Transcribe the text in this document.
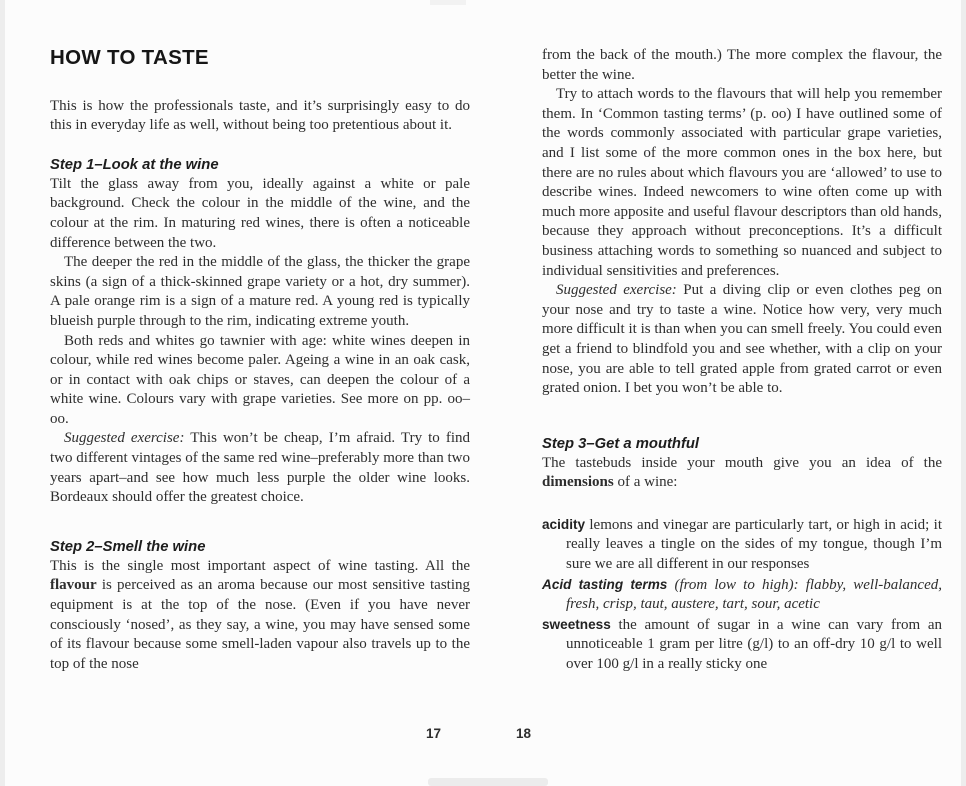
HOW TO TASTE

This is how the professionals taste, and it’s surprisingly easy to do this in everyday life as well, without being too pretentious about it.

Step 1–Look at the wine

Tilt the glass away from you, ideally against a white or pale background. Check the colour in the middle of the wine, and the colour at the rim. In maturing red wines, there is often a noticeable difference between the two.

The deeper the red in the middle of the glass, the thicker the grape skins (a sign of a thick-skinned grape variety or a hot, dry summer). A pale orange rim is a sign of a mature red. A young red is typically blueish purple through to the rim, indicating extreme youth.

Both reds and whites go tawnier with age: white wines deepen in colour, while red wines become paler. Ageing a wine in an oak cask, or in contact with oak chips or staves, can deepen the colour of a white wine. Colours vary with grape varieties. See more on pp. oo–oo.

Suggested exercise: This won’t be cheap, I’m afraid. Try to find two different vintages of the same red wine–preferably more than two years apart–and see how much less purple the older wine looks. Bordeaux should offer the greatest choice.

Step 2–Smell the wine

This is the single most important aspect of wine tasting. All the flavour is perceived as an aroma because our most sensitive tasting equipment is at the top of the nose. (Even if you have never consciously ‘nosed’, as they say, a wine, you may have sensed some of its flavour because some smell-laden vapour also travels up to the top of the nose

from the back of the mouth.) The more complex the flavour, the better the wine.

Try to attach words to the flavours that will help you remember them. In ‘Common tasting terms’ (p. oo) I have outlined some of the words commonly associated with particular grape varieties, and I list some of the more common ones in the box here, but there are no rules about which flavours you are ‘allowed’ to use to describe wines. Indeed newcomers to wine often come up with much more apposite and useful flavour descriptors than old hands, because they approach without preconceptions. It’s a difficult business attaching words to something so nuanced and subject to individual sensitivities and preferences.

Suggested exercise: Put a diving clip or even clothes peg on your nose and try to taste a wine. Notice how very, very much more difficult it is than when you can smell freely. You could even get a friend to blindfold you and see whether, with a clip on your nose, you are able to tell grated apple from grated carrot or even grated onion. I bet you won’t be able to.

Step 3–Get a mouthful

The tastebuds inside your mouth give you an idea of the dimensions of a wine:

acidity lemons and vinegar are particularly tart, or high in acid; it really leaves a tingle on the sides of my tongue, though I’m sure we are all different in our responses

Acid tasting terms (from low to high): flabby, well-balanced, fresh, crisp, taut, austere, tart, sour, acetic

sweetness the amount of sugar in a wine can vary from an unnoticeable 1 gram per litre (g/l) to an off-dry 10 g/l to well over 100 g/l in a really sticky one

17	18
